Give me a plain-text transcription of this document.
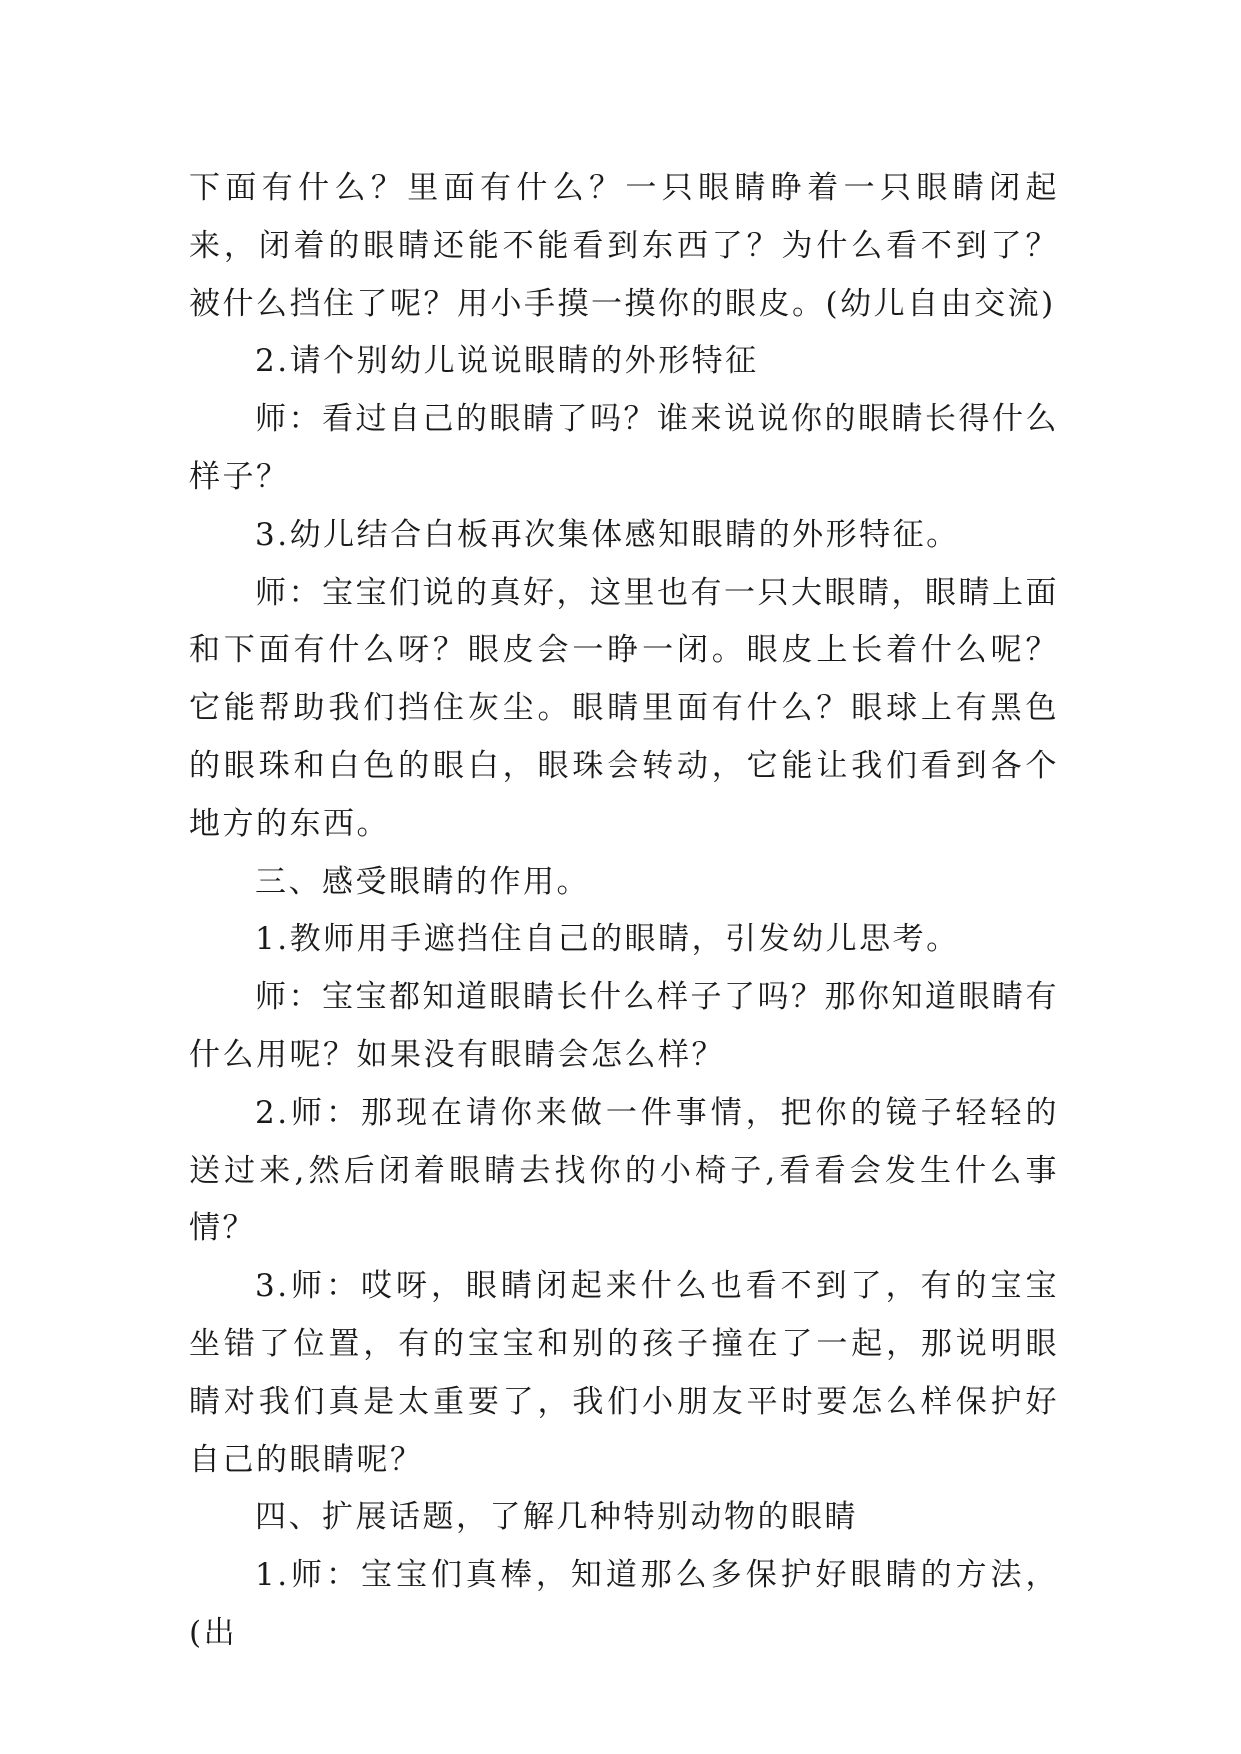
下面有什么？里面有什么？一只眼睛睁着一只眼睛闭起来，闭着的眼睛还能不能看到东西了？为什么看不到了？被什么挡住了呢？用小手摸一摸你的眼皮。(幼儿自由交流)

2.请个别幼儿说说眼睛的外形特征

师：看过自己的眼睛了吗？谁来说说你的眼睛长得什么样子？

3.幼儿结合白板再次集体感知眼睛的外形特征。

师：宝宝们说的真好，这里也有一只大眼睛，眼睛上面和下面有什么呀？眼皮会一睁一闭。眼皮上长着什么呢？它能帮助我们挡住灰尘。眼睛里面有什么？眼球上有黑色的眼珠和白色的眼白，眼珠会转动，它能让我们看到各个地方的东西。

三、感受眼睛的作用。

1.教师用手遮挡住自己的眼睛，引发幼儿思考。

师：宝宝都知道眼睛长什么样子了吗？那你知道眼睛有什么用呢？如果没有眼睛会怎么样？

2.师：那现在请你来做一件事情，把你的镜子轻轻的送过来,然后闭着眼睛去找你的小椅子,看看会发生什么事情？

3.师：哎呀，眼睛闭起来什么也看不到了，有的宝宝坐错了位置，有的宝宝和别的孩子撞在了一起，那说明眼睛对我们真是太重要了，我们小朋友平时要怎么样保护好自己的眼睛呢？

四、扩展话题，了解几种特别动物的眼睛

1.师：宝宝们真棒，知道那么多保护好眼睛的方法，(出
